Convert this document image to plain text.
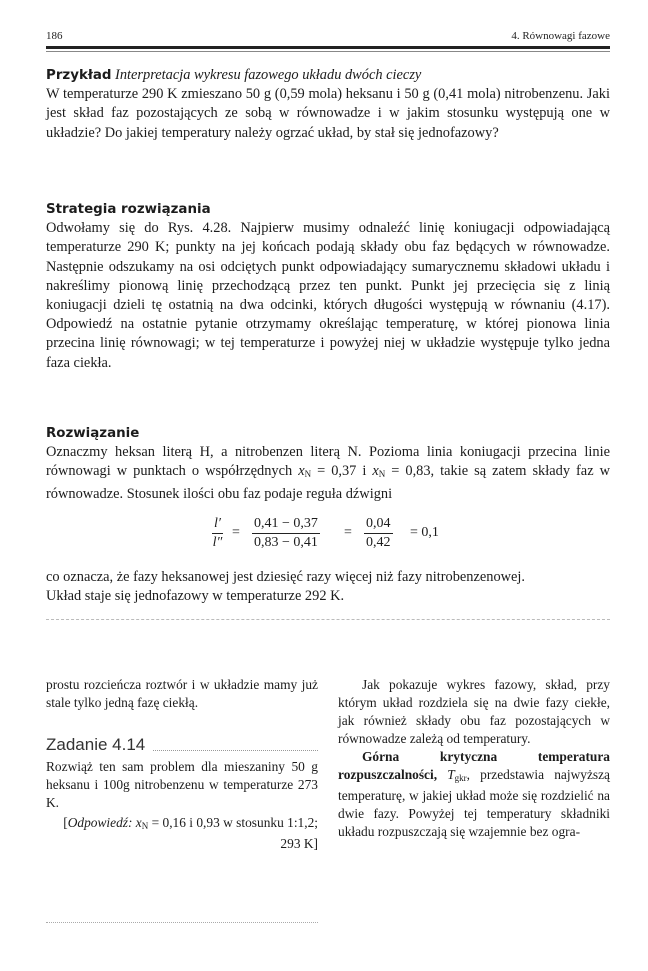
186	4. Równowagi fazowe

Przykład Interpretacja wykresu fazowego układu dwóch cieczy

W temperaturze 290 K zmieszano 50 g (0,59 mola) heksanu i 50 g (0,41 mola) nitrobenzenu. Jaki jest skład faz pozostających ze sobą w równowadze i w jakim stosunku występują one w układzie? Do jakiej temperatury należy ogrzać układ, by stał się jednofazowy?

Strategia rozwiązania

Odwołamy się do Rys. 4.28. Najpierw musimy odnaleźć linię koniugacji odpowiadającą temperaturze 290 K; punkty na jej końcach podają składy obu faz będących w równowadze. Następnie odszukamy na osi odciętych punkt odpowiadający sumarycznemu składowi układu i nakreślimy pionową linię przechodzącą przez ten punkt. Punkt jej przecięcia się z linią koniugacji dzieli tę ostatnią na dwa odcinki, których długości występują w równaniu (4.17). Odpowiedź na ostatnie pytanie otrzymamy określając temperaturę, w której pionowa linia przecina linię równowagi; w tej temperaturze i powyżej niej w układzie występuje tylko jedna faza ciekła.

Rozwiązanie

Oznaczmy heksan literą H, a nitrobenzen literą N. Pozioma linia koniugacji przecina linie równowagi w punktach o współrzędnych $x_N = 0,37$ i $x_N = 0,83$, takie są zatem składy faz w równowadze. Stosunek ilości obu faz podaje reguła dźwigni

$\frac{l'}{l''} = \frac{0,41 - 0,37}{0,83 - 0,41} = \frac{0,04}{0,42} = 0,1$

co oznacza, że fazy heksanowej jest dziesięć razy więcej niż fazy nitrobenzenowej.

Układ staje się jednofazowy w temperaturze 292 K.

prostu rozcieńcza roztwór i w układzie mamy już stale tylko jedną fazę ciekłą.

Zadanie 4.14

Rozwiąż ten sam problem dla mieszaniny 50 g heksanu i 100g nitrobenzenu w temperaturze 273 K.

[Odpowiedź: $x_N = 0,16$ i 0,93 w stosunku 1:1,2; 293 K]

Jak pokazuje wykres fazowy, skład, przy którym układ rozdziela się na dwie fazy ciekłe, jak również składy obu faz pozostających w równowadze zależą od temperatury.

Górna krytyczna temperatura rozpuszczalności, $T_{gkr}$, przedstawia najwyższą temperaturę, w jakiej układ może się rozdzielić na dwie fazy. Powyżej tej temperatury składniki układu rozpuszczają się wzajemnie bez ogra-
